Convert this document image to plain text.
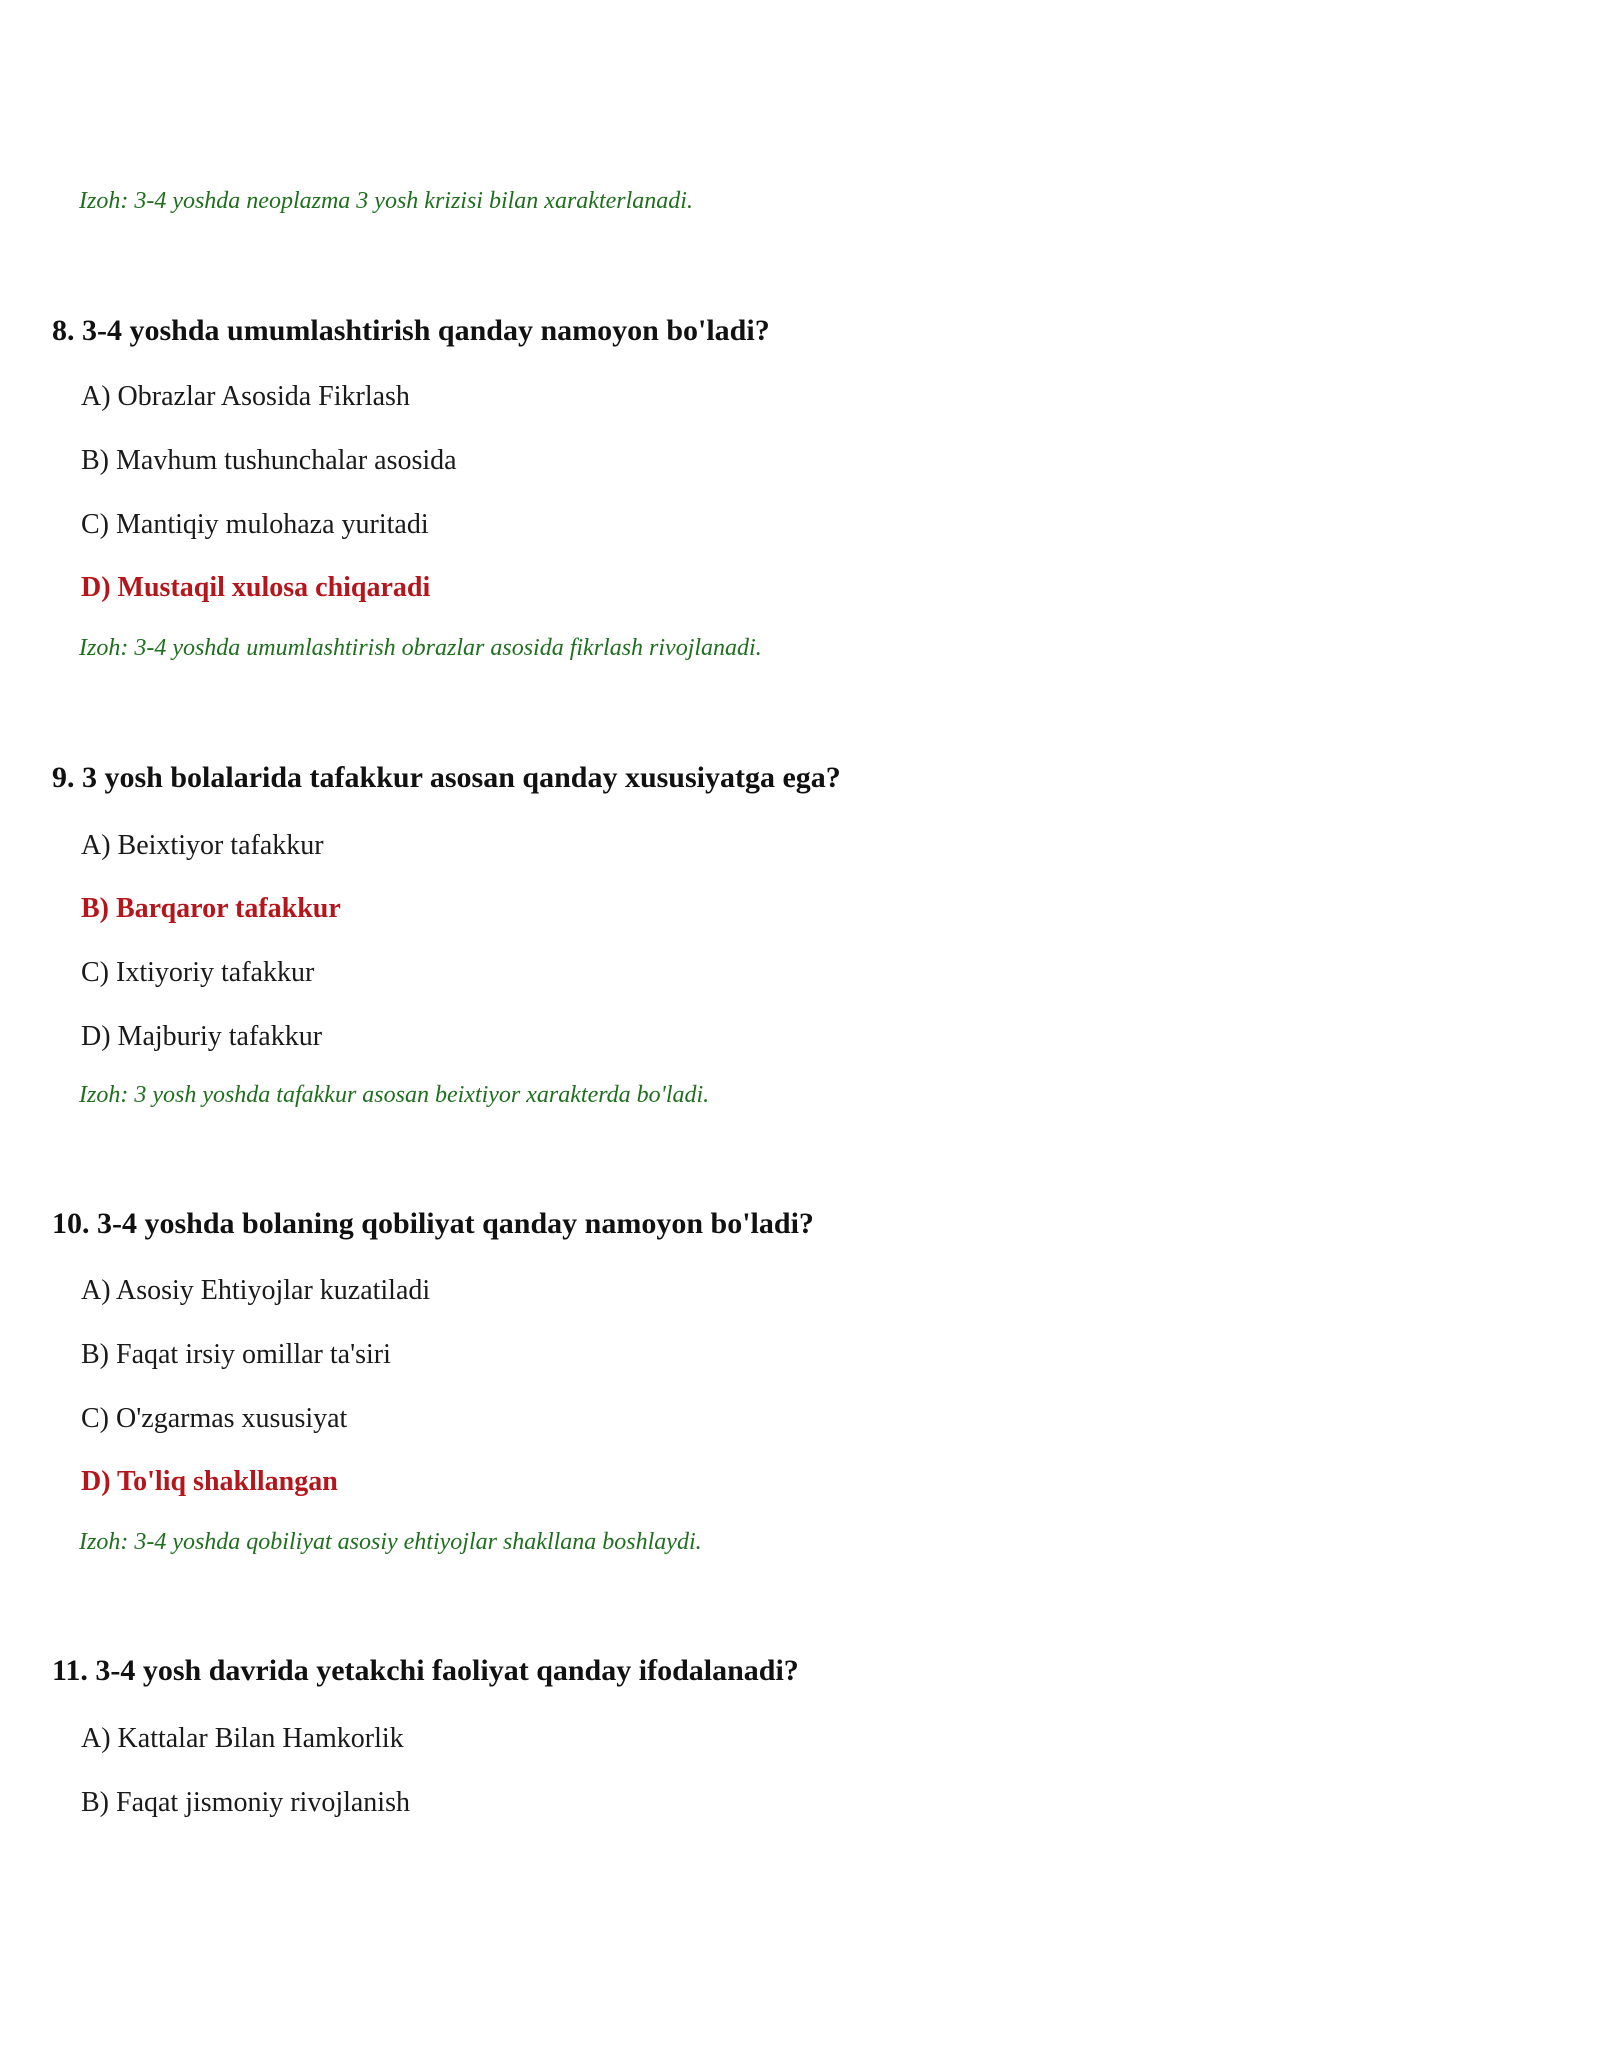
Izoh: 3-4 yoshda neoplazma 3 yosh krizisi bilan xarakterlanadi.
8. 3-4 yoshda umumlashtirish qanday namoyon bo'ladi?
A) Obrazlar Asosida Fikrlash
B) Mavhum tushunchalar asosida
C) Mantiqiy mulohaza yuritadi
D) Mustaqil xulosa chiqaradi
Izoh: 3-4 yoshda umumlashtirish obrazlar asosida fikrlash rivojlanadi.
9. 3 yosh bolalarida tafakkur asosan qanday xususiyatga ega?
A) Beixtiyor tafakkur
B) Barqaror tafakkur
C) Ixtiyoriy tafakkur
D) Majburiy tafakkur
Izoh: 3 yosh yoshda tafakkur asosan beixtiyor xarakterda bo'ladi.
10. 3-4 yoshda bolaning qobiliyat qanday namoyon bo'ladi?
A) Asosiy Ehtiyojlar kuzatiladi
B) Faqat irsiy omillar ta'siri
C) O'zgarmas xususiyat
D) To'liq shakllangan
Izoh: 3-4 yoshda qobiliyat asosiy ehtiyojlar shakllana boshlaydi.
11. 3-4 yosh davrida yetakchi faoliyat qanday ifodalanadi?
A) Kattalar Bilan Hamkorlik
B) Faqat jismoniy rivojlanish
